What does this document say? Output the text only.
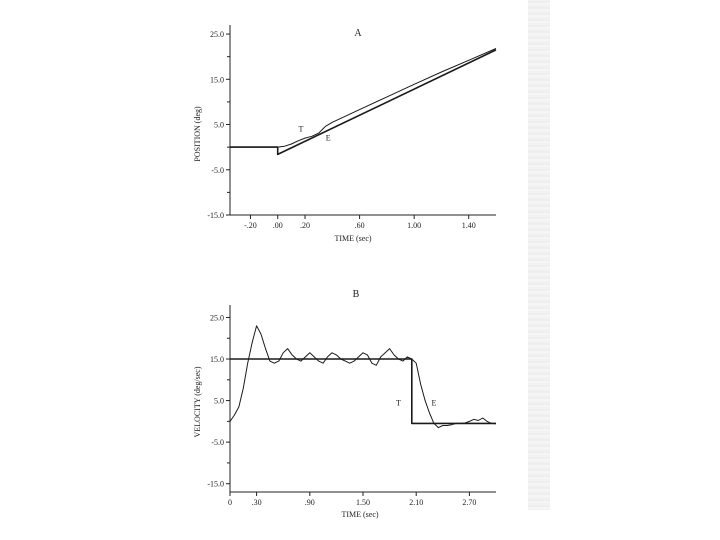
A
POSITION (deg)
TIME (sec)
25.0
15.0
5.0
-5.0
-15.0
-.20 .00 .20	.60	1.00	1.40
T
E
B
VELOCITY (deg/sec)
TIME (sec)
25.0
15.0
5.0
-5.0
-15.0
0 .30	.90	1.50	2.10	2.70
T	E
